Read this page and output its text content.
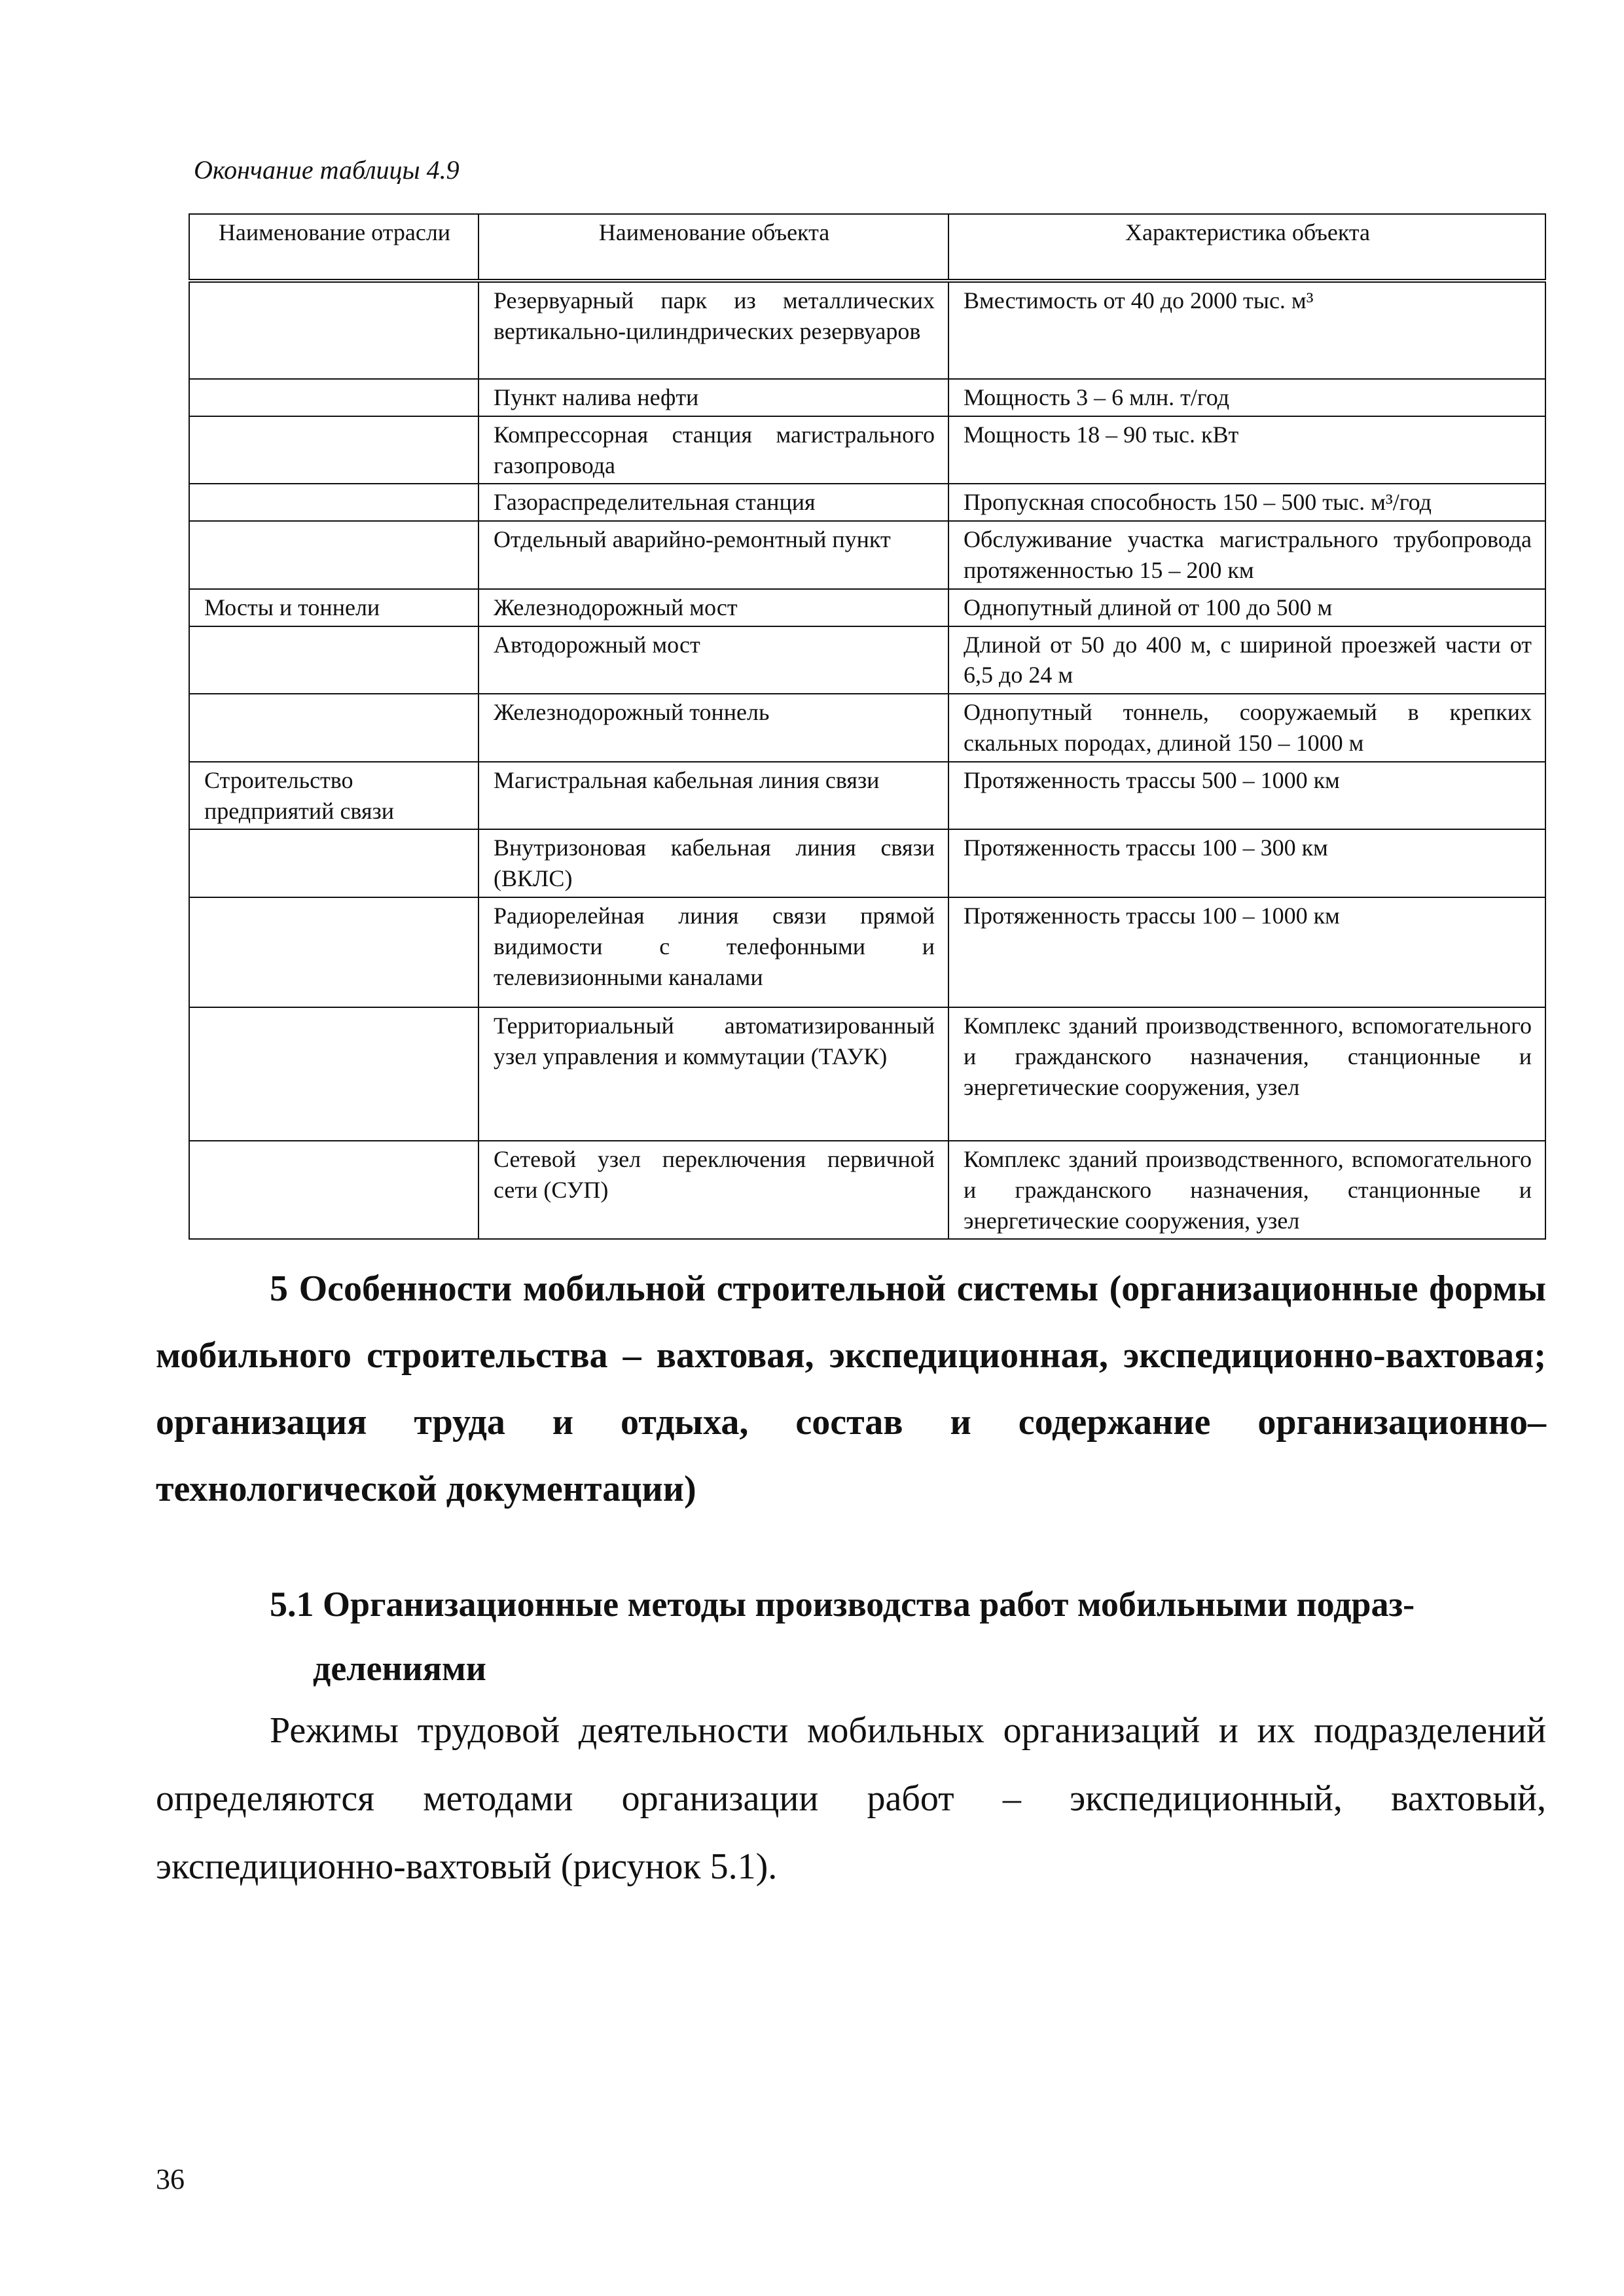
Окончание таблицы 4.9
Наименование отрасли	Наименование объекта	Характеристика объекта
	Резервуарный парк из металлических вертикально-цилиндрических резервуаров	Вместимость от 40 до 2000 тыс. м³
	Пункт налива нефти	Мощность 3 – 6 млн. т/год
	Компрессорная станция магистрального газопровода	Мощность 18 – 90 тыс. кВт
	Газораспределительная станция	Пропускная способность 150 – 500 тыс. м³/год
	Отдельный аварийно-ремонтный пункт	Обслуживание участка магистрального трубопровода протяженностью 15 – 200 км
Мосты и тоннели	Железнодорожный мост	Однопутный длиной от 100 до 500 м
	Автодорожный мост	Длиной от 50 до 400 м, с шириной проезжей части от 6,5 до 24 м
	Железнодорожный тоннель	Однопутный тоннель, сооружаемый в крепких скальных породах, длиной 150 – 1000 м
Строительство предприятий связи	Магистральная кабельная линия связи	Протяженность трассы 500 – 1000 км
	Внутризоновая кабельная линия связи (ВКЛС)	Протяженность трассы 100 – 300 км
	Радиорелейная линия связи прямой видимости с телефонными и телевизионными каналами	Протяженность трассы 100 – 1000 км
	Территориальный автоматизированный узел управления и коммутации (ТАУК)	Комплекс зданий производственного, вспомогательного и гражданского назначения, станционные и энергетические сооружения, узел
	Сетевой узел переключения первичной сети (СУП)	Комплекс зданий производственного, вспомогательного и гражданского назначения, станционные и энергетические сооружения, узел
5 Особенности мобильной строительной системы (организационные формы мобильного строительства – вахтовая, экспедиционная, экспедиционно-вахтовая; организация труда и отдыха, состав и содержание организационно–технологической документации)
5.1 Организационные методы производства работ мобильными подраз-
делениями
Режимы трудовой деятельности мобильных организаций и их подразделений определяются методами организации работ – экспедиционный, вахтовый, экспедиционно-вахтовый (рисунок 5.1).
36
